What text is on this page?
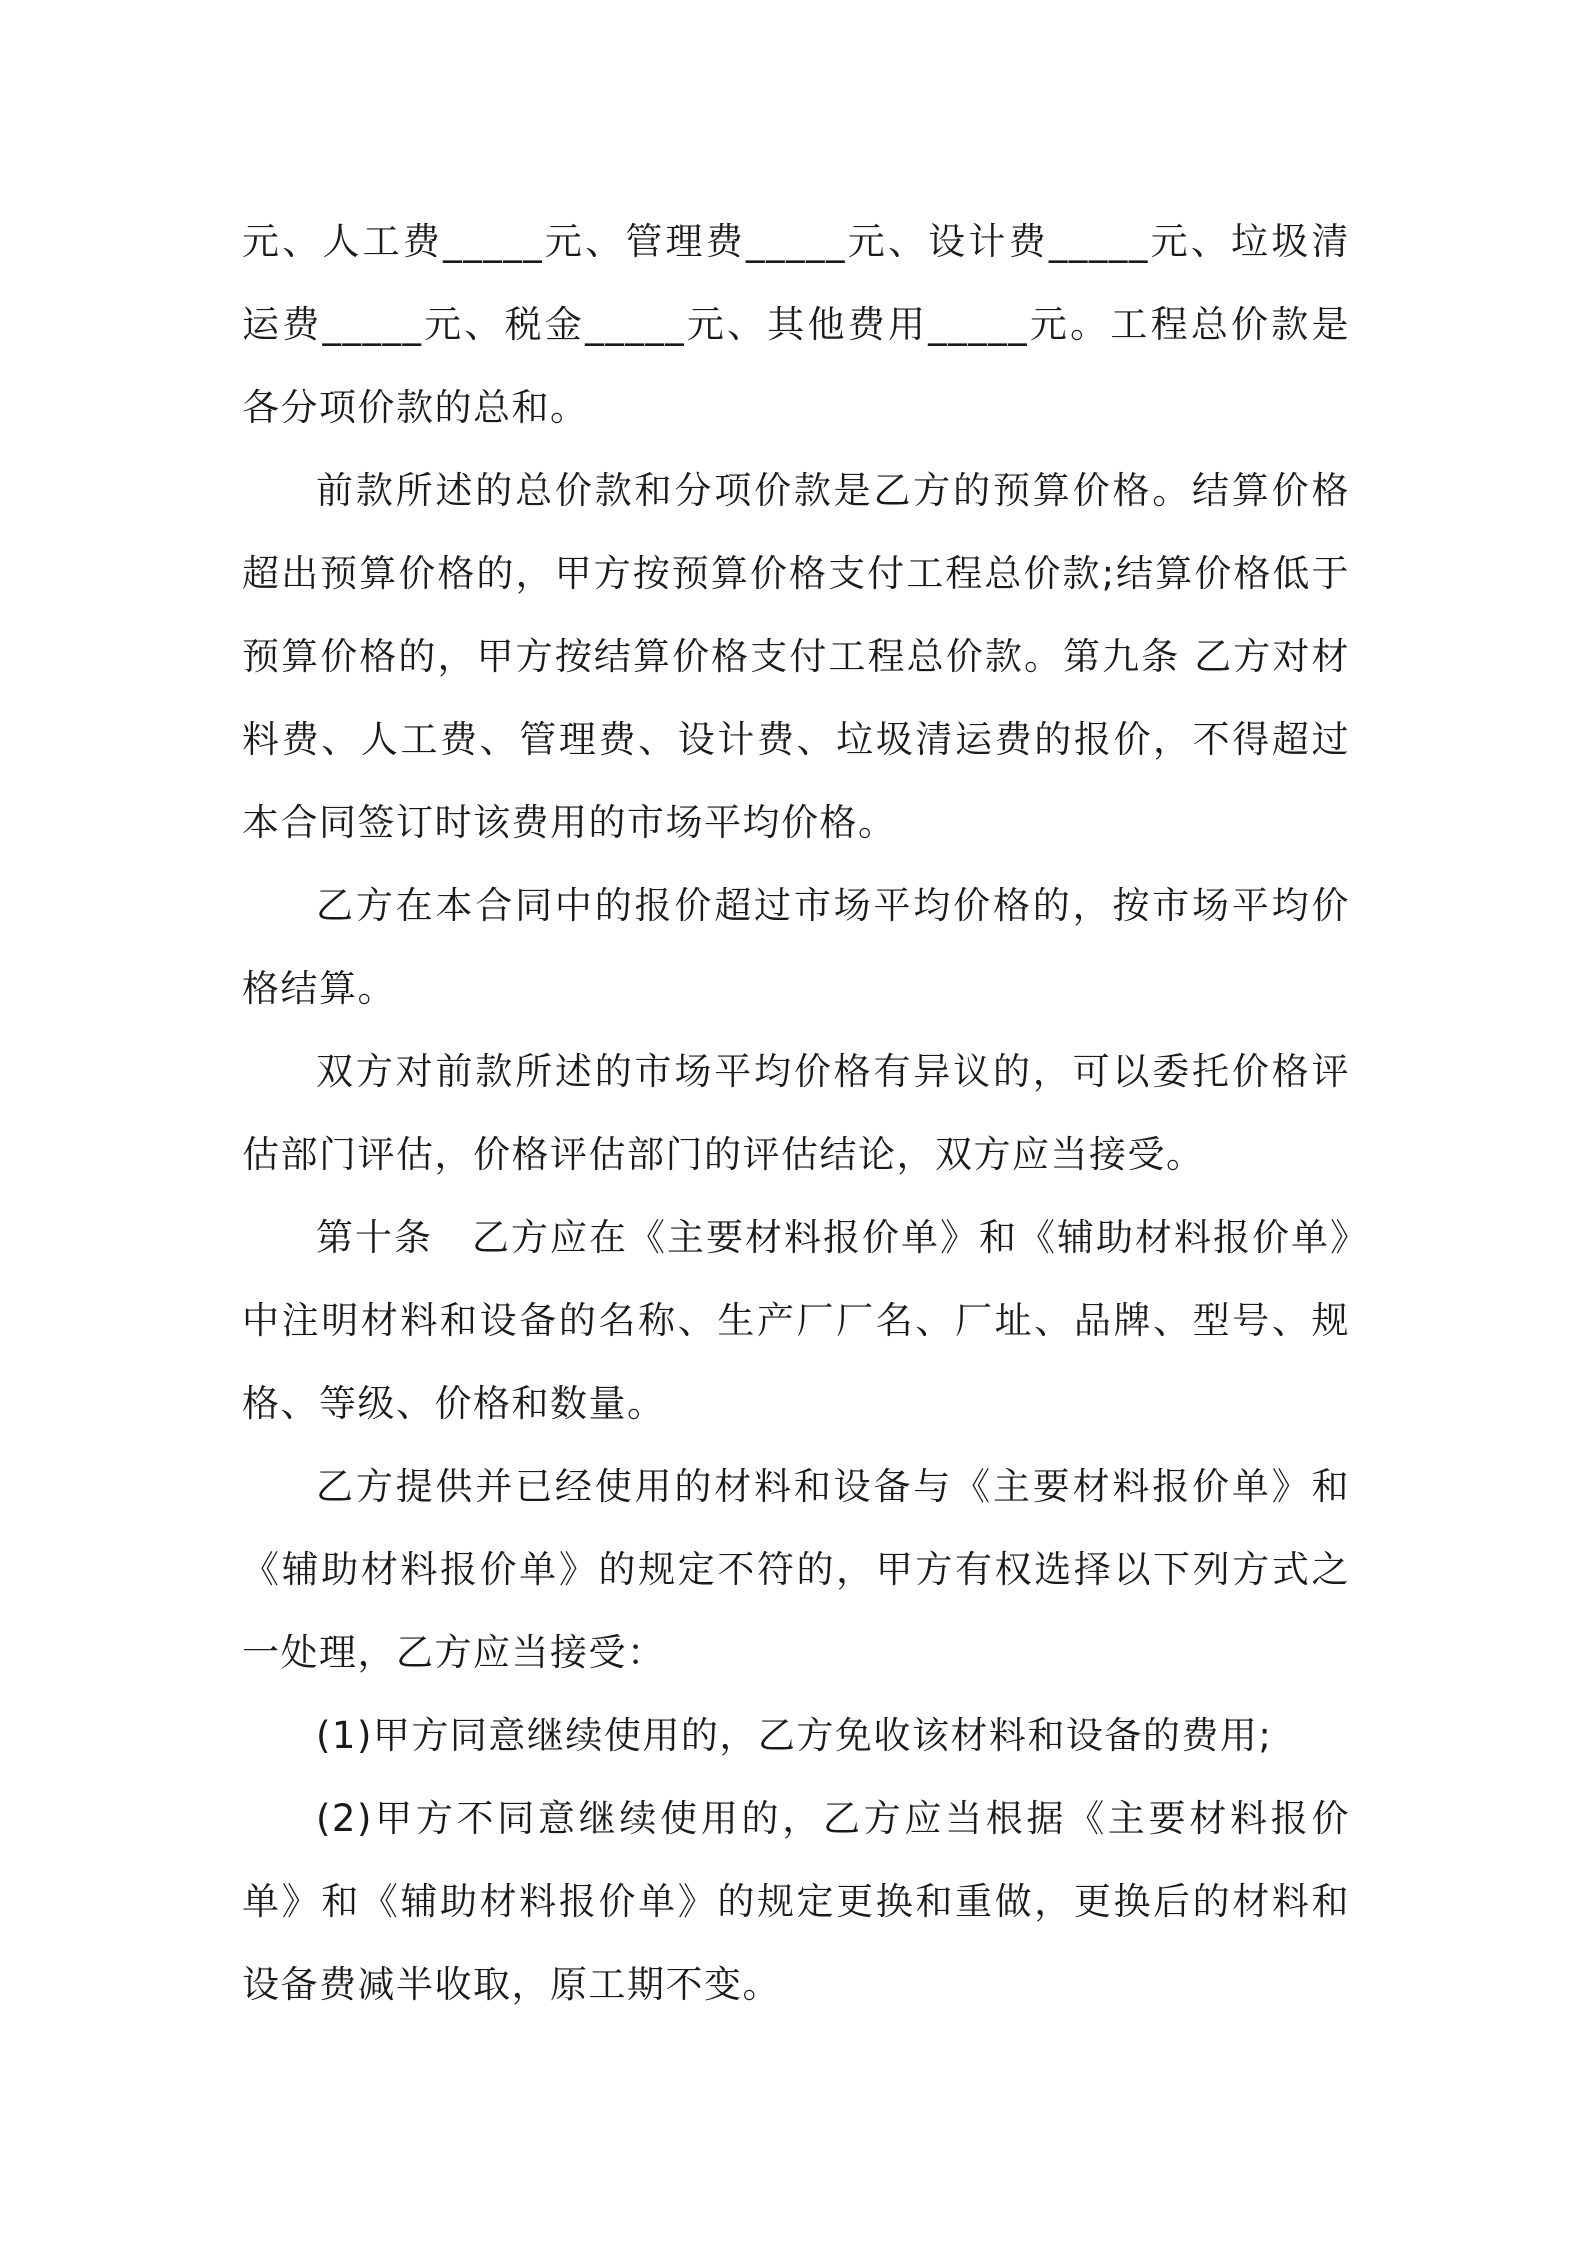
元、人工费_____元、管理费_____元、设计费_____元、垃圾清运费_____元、税金_____元、其他费用_____元。工程总价款是各分项价款的总和。

前款所述的总价款和分项价款是乙方的预算价格。结算价格超出预算价格的，甲方按预算价格支付工程总价款;结算价格低于预算价格的，甲方按结算价格支付工程总价款。第九条 乙方对材料费、人工费、管理费、设计费、垃圾清运费的报价，不得超过本合同签订时该费用的市场平均价格。

乙方在本合同中的报价超过市场平均价格的，按市场平均价格结算。

双方对前款所述的市场平均价格有异议的，可以委托价格评估部门评估，价格评估部门的评估结论，双方应当接受。

第十条　乙方应在《主要材料报价单》和《辅助材料报价单》中注明材料和设备的名称、生产厂厂名、厂址、品牌、型号、规格、等级、价格和数量。

乙方提供并已经使用的材料和设备与《主要材料报价单》和《辅助材料报价单》的规定不符的，甲方有权选择以下列方式之一处理，乙方应当接受：

(1)甲方同意继续使用的，乙方免收该材料和设备的费用;

(2)甲方不同意继续使用的，乙方应当根据《主要材料报价单》和《辅助材料报价单》的规定更换和重做，更换后的材料和设备费减半收取，原工期不变。
